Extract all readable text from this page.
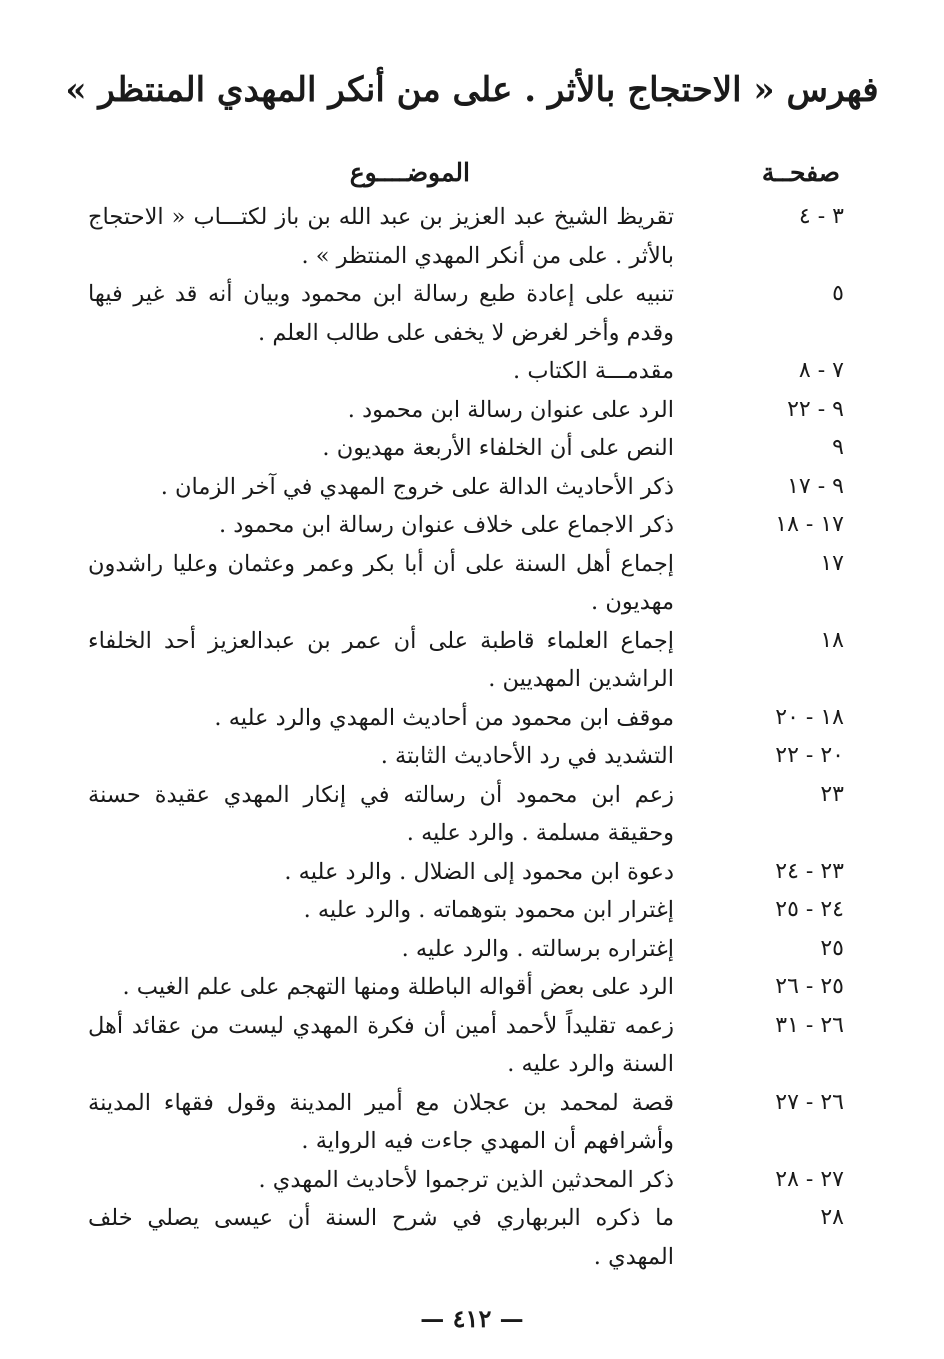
فهرس « الاحتجاج بالأثر . على من أنكر المهدي المنتظر »
صفحــة
الموضــــوع
٣ - ٤
تقريظ الشيخ عبد العزيز بن عبد الله بن باز لكتـــاب « الاحتجاج بالأثر . على من أنكر المهدي المنتظر » .
٥
تنبيه على إعادة طبع رسالة ابن محمود وبيان أنه قد غير فيها وقدم وأخر لغرض لا يخفى على طالب العلم .
٧ - ٨
مقدمـــة الكتاب .
٩ - ٢٢
الرد على عنوان رسالة ابن محمود .
٩
النص على أن الخلفاء الأربعة مهديون .
٩ - ١٧
ذكر الأحاديث الدالة على خروج المهدي في آخر الزمان .
١٧ - ١٨
ذكر الاجماع على خلاف عنوان رسالة ابن محمود .
١٧
إجماع أهل السنة على أن أبا بكر وعمر وعثمان وعليا راشدون مهديون .
١٨
إجماع العلماء قاطبة على أن عمر بن عبدالعزيز أحد الخلفاء الراشدين المهديين .
١٨ - ٢٠
موقف ابن محمود من أحاديث المهدي والرد عليه .
٢٠ - ٢٢
التشديد في رد الأحاديث الثابتة .
٢٣
زعم ابن محمود أن رسالته في إنكار المهدي عقيدة حسنة وحقيقة مسلمة . والرد عليه .
٢٣ - ٢٤
دعوة ابن محمود إلى الضلال . والرد عليه .
٢٤ - ٢٥
إغترار ابن محمود بتوهماته . والرد عليه .
٢٥
إغتراره برسالته . والرد عليه .
٢٥ - ٢٦
الرد على بعض أقواله الباطلة ومنها التهجم على علم الغيب .
٢٦ - ٣١
زعمه تقليداً لأحمد أمين أن فكرة المهدي ليست من عقائد أهل السنة والرد عليه .
٢٦ - ٢٧
قصة لمحمد بن عجلان مع أمير المدينة وقول فقهاء المدينة وأشرافهم أن المهدي جاءت فيه الرواية .
٢٧ - ٢٨
ذكر المحدثين الذين ترجموا لأحاديث المهدي .
٢٨
ما ذكره البربهاري في شرح السنة أن عيسى يصلي خلف المهدي .
— ٤١٢ —
